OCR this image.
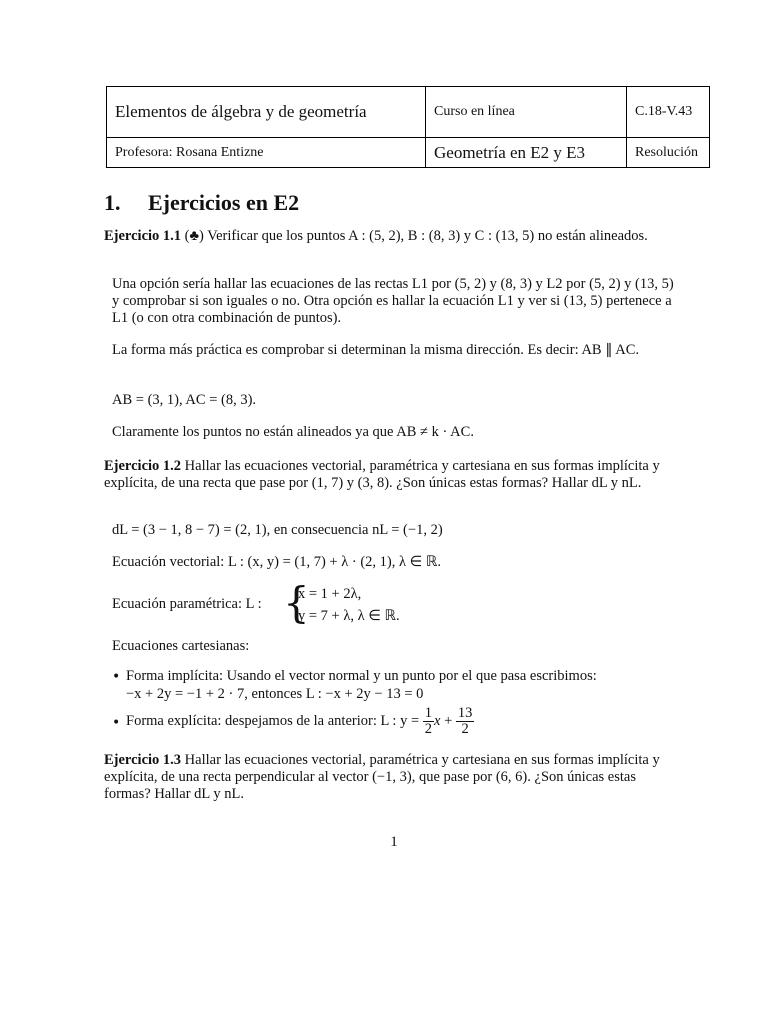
Elementos de álgebra y de geometría	Curso en línea	C.18-V.43
Profesora: Rosana Entizne	Geometría en E2 y E3	Resolución
1. Ejercicios en E2
Ejercicio 1.1 (♣) Verificar que los puntos A : (5, 2), B : (8, 3) y C : (13, 5) no están alineados.
Una opción sería hallar las ecuaciones de las rectas L1 por (5, 2) y (8, 3) y L2 por (5, 2) y (13, 5) y comprobar si son iguales o no. Otra opción es hallar la ecuación L1 y ver si (13, 5) pertenece a L1 (o con otra combinación de puntos).
La forma más práctica es comprobar si determinan la misma dirección. Es decir: AB ∥ AC.
AB = (3, 1), AC = (8, 3).
Claramente los puntos no están alineados ya que AB ≠ k · AC.
Ejercicio 1.2 Hallar las ecuaciones vectorial, paramétrica y cartesiana en sus formas implícita y explícita, de una recta que pase por (1, 7) y (3, 8). ¿Son únicas estas formas? Hallar dL y nL.
dL = (3 − 1, 8 − 7) = (2, 1), en consecuencia nL = (−1, 2)
Ecuación vectorial: L : (x, y) = (1, 7) + λ · (2, 1), λ ∈ ℝ.
Ecuación paramétrica: L : {
x = 1 + 2λ,
y = 7 + λ, λ ∈ ℝ.
Ecuaciones cartesianas:
• Forma implícita: Usando el vector normal y un punto por el que pasa escribimos:
−x + 2y = −1 + 2 · 7, entonces L : −x + 2y − 13 = 0
• Forma explícita: despejamos de la anterior: L : $y = \frac{1}{2}$ $x + \frac{13}{2}$
Ejercicio 1.3 Hallar las ecuaciones vectorial, paramétrica y cartesiana en sus formas implícita y explícita, de una recta perpendicular al vector (−1, 3), que pase por (6, 6). ¿Son únicas estas formas? Hallar dL y nL.
1
